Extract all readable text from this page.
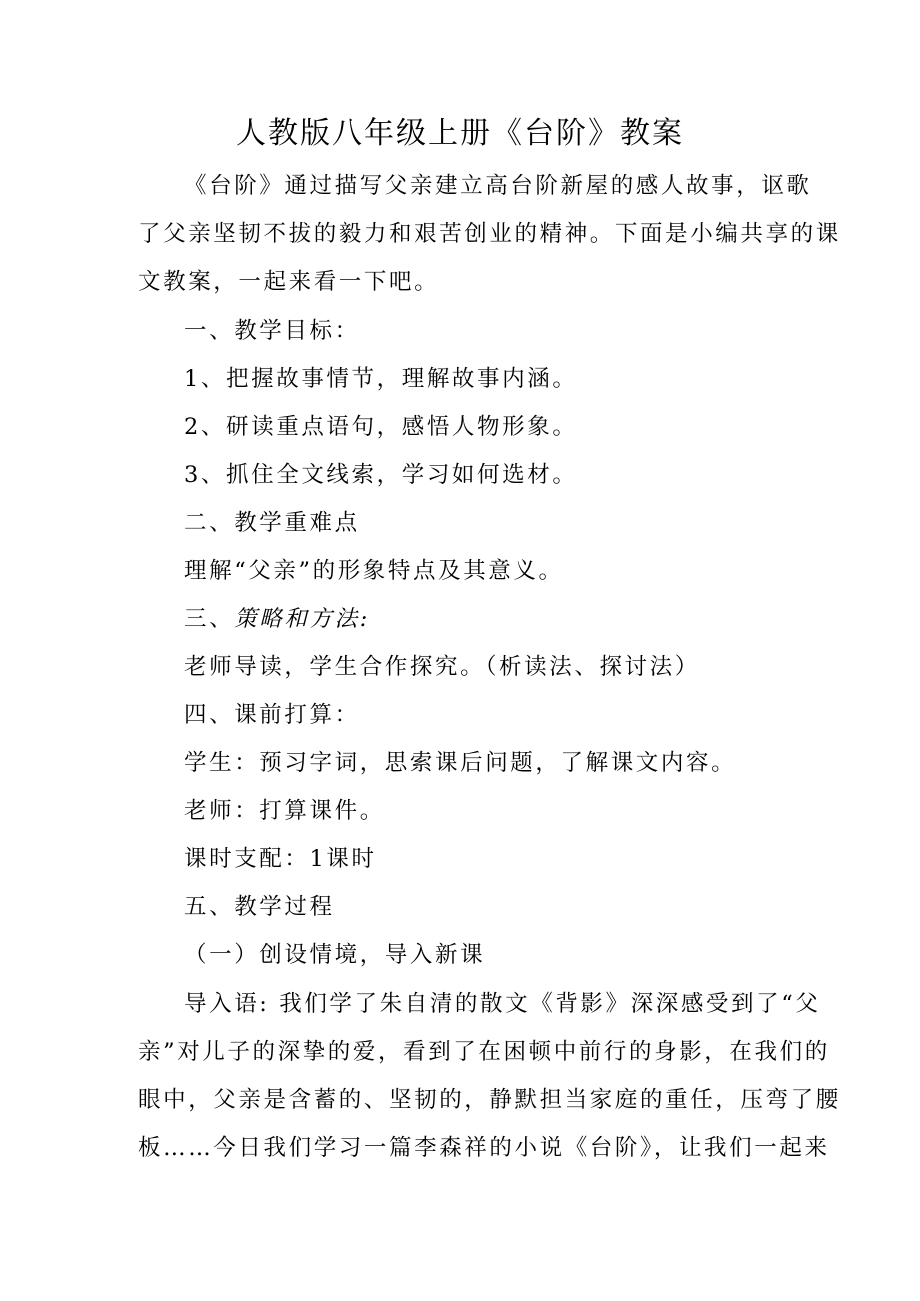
人教版八年级上册《台阶》教案
《台阶》通过描写父亲建立高台阶新屋的感人故事，讴歌
了父亲坚韧不拔的毅力和艰苦创业的精神。下面是小编共享的课
文教案，一起来看一下吧。
一、教学目标：
1、把握故事情节，理解故事内涵。
2、研读重点语句，感悟人物形象。
3、抓住全文线索，学习如何选材。
二、教学重难点
理解“父亲”的形象特点及其意义。
三、策略和方法:
老师导读，学生合作探究。（析读法、探讨法）
四、课前打算：
学生：预习字词，思索课后问题，了解课文内容。
老师：打算课件。
课时支配：1课时
五、教学过程
（一）创设情境，导入新课
导入语: 我们学了朱自清的散文《背影》深深感受到了“父
亲”对儿子的深挚的爱，看到了在困顿中前行的身影，在我们的
眼中，父亲是含蓄的、坚韧的，静默担当家庭的重任，压弯了腰
板……今日我们学习一篇李森祥的小说《台阶》，让我们一起来
